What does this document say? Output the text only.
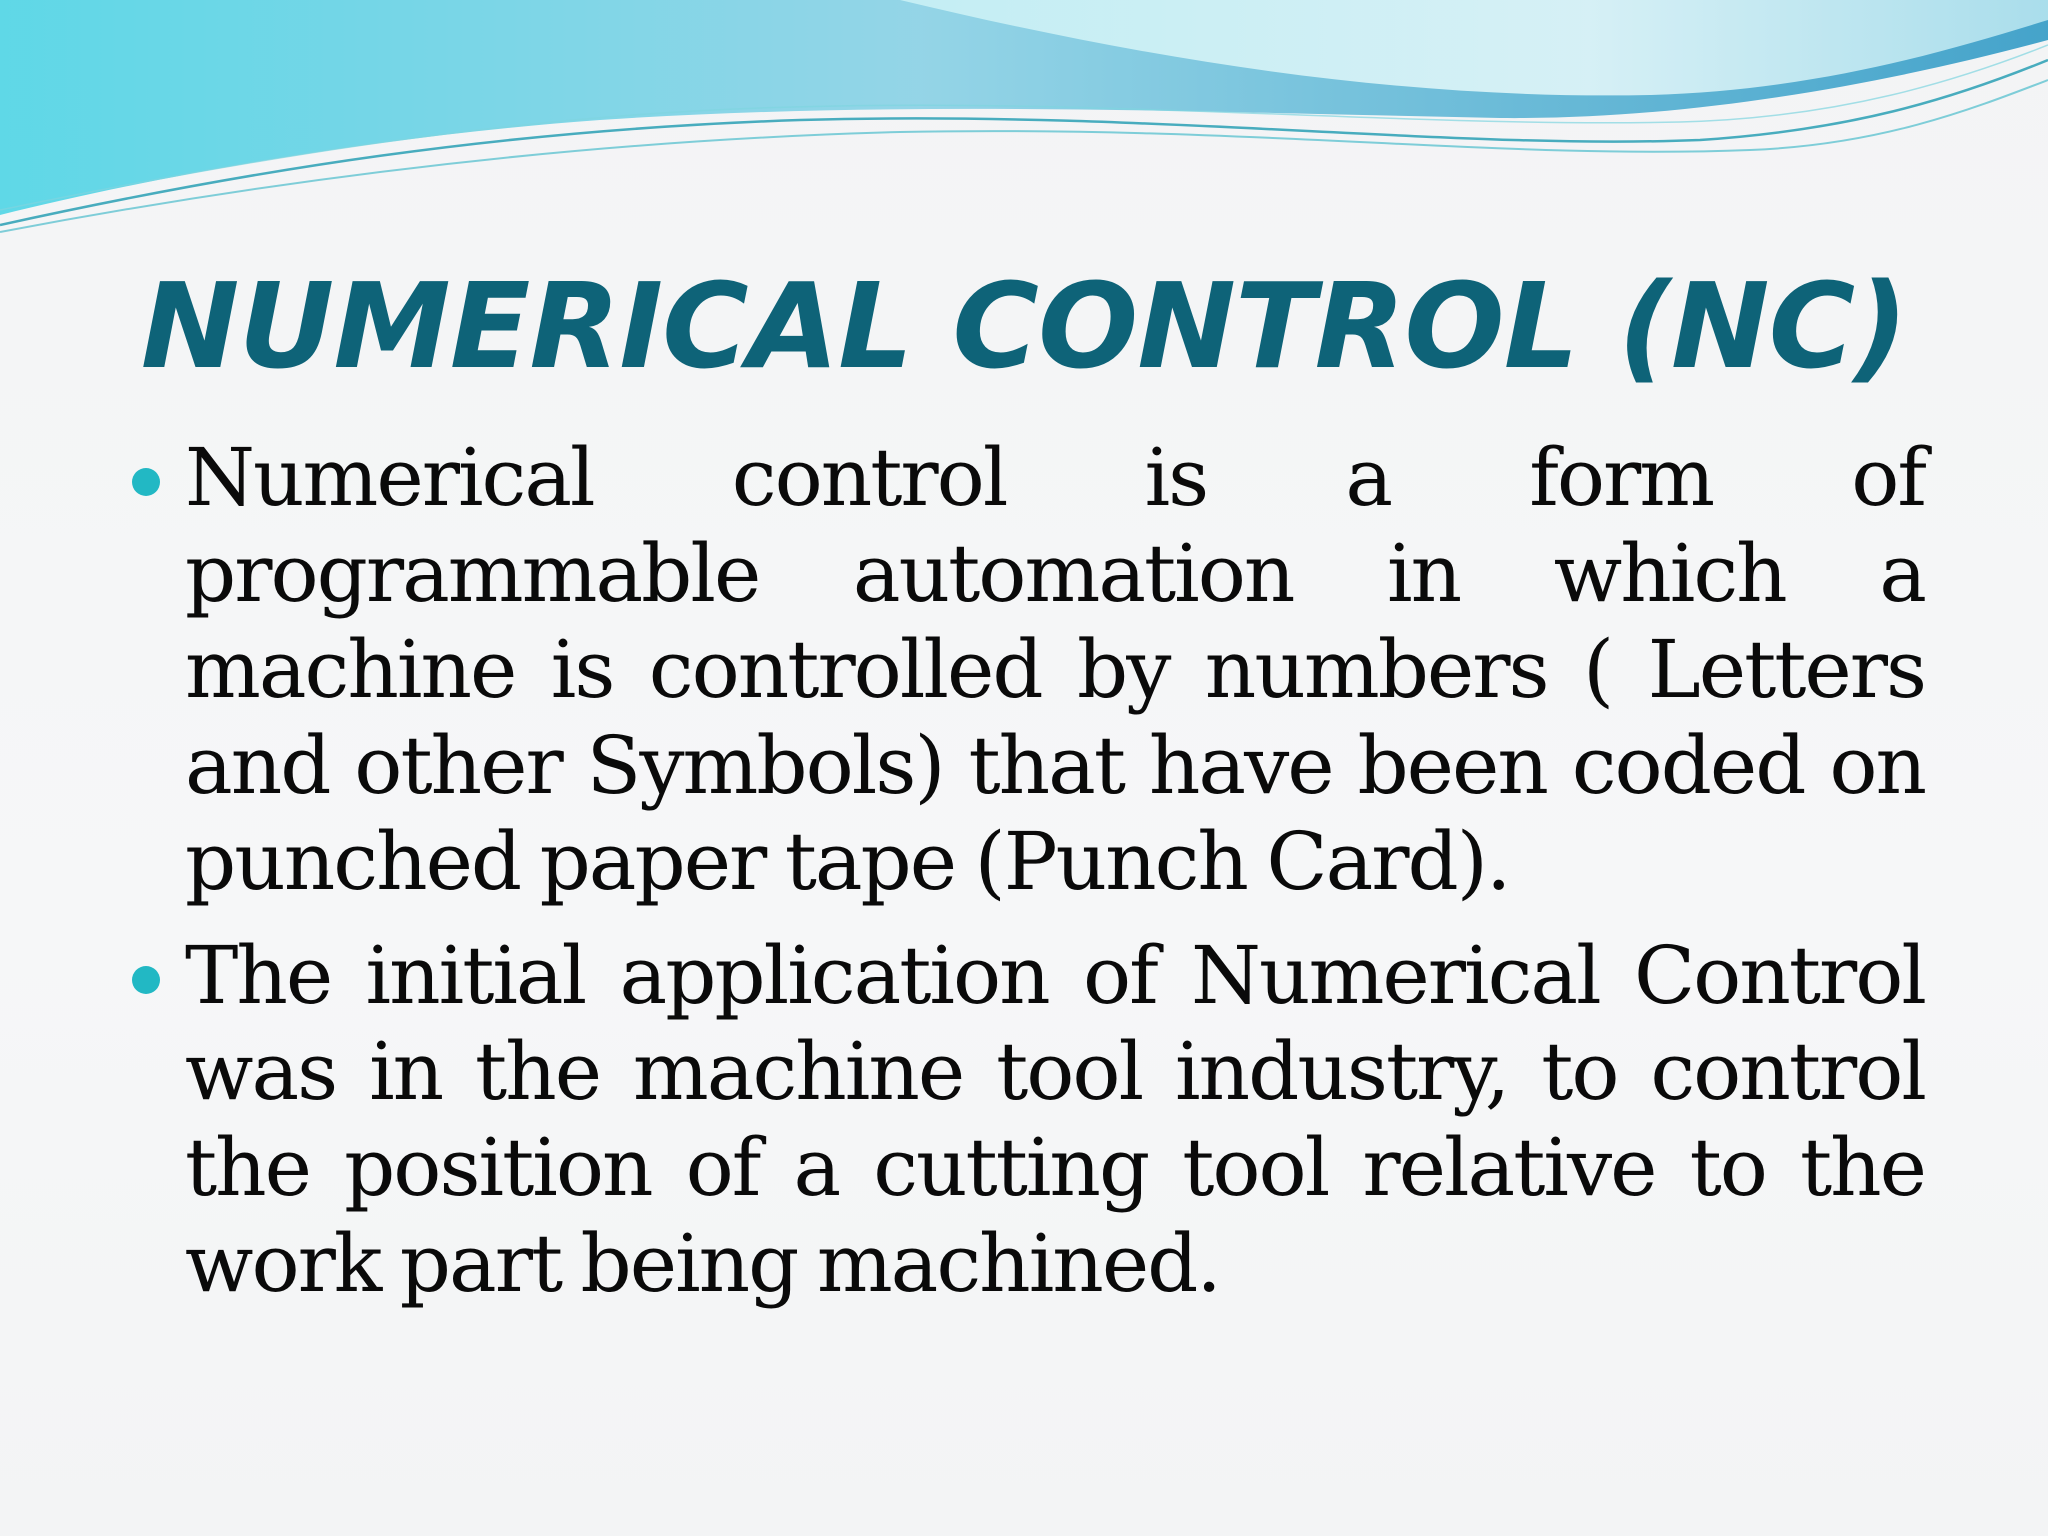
NUMERICAL CONTROL (NC)
Numerical control is a form of programmable automation in which a machine is controlled by numbers ( Letters and other Symbols) that have been coded on punched paper tape (Punch Card).
The initial application of Numerical Control was in the machine tool industry, to control the position of a cutting tool relative to the work part being machined.
